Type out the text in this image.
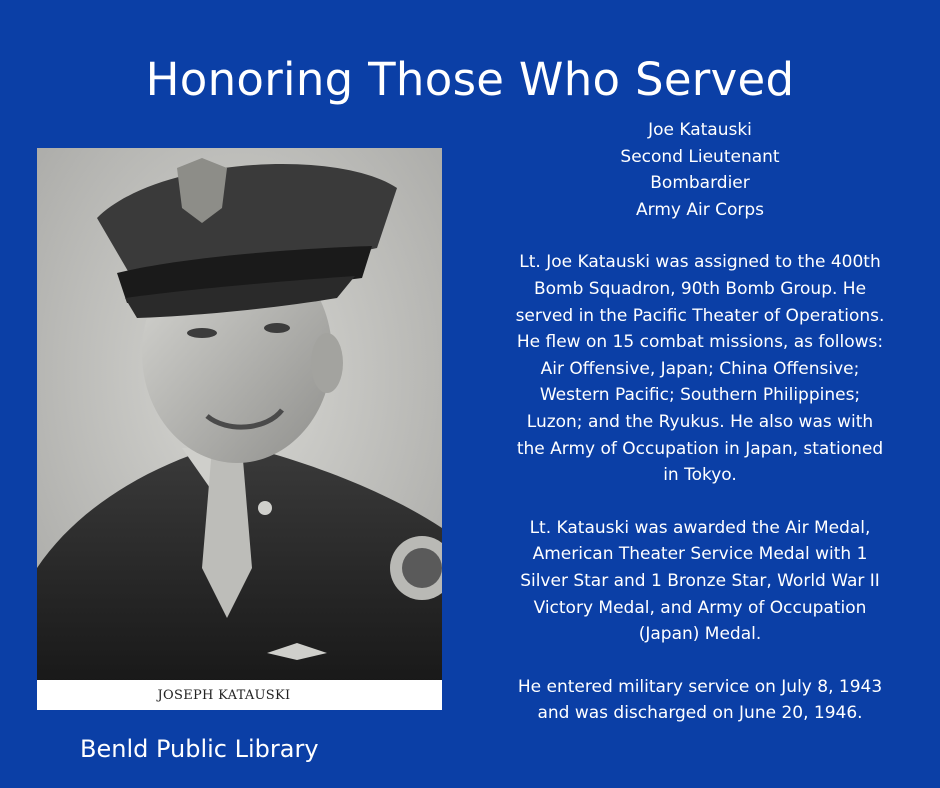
Honoring Those Who Served
JOSEPH KATAUSKI

Joe Katauski

Second Lieutenant

Bombardier

Army Air Corps

Lt. Joe Katauski was assigned to the 400th

Bomb Squadron, 90th Bomb Group. He

served in the Pacific Theater of Operations.

He flew on 15 combat missions, as follows:

Air Offensive, Japan; China Offensive;

Western Pacific; Southern Philippines;

Luzon; and the Ryukus. He also was with

the Army of Occupation in Japan, stationed

in Tokyo.

Lt. Katauski was awarded the Air Medal,

American Theater Service Medal with 1

Silver Star and 1 Bronze Star, World War II

Victory Medal, and Army of Occupation

(Japan) Medal.

He entered military service on July 8, 1943

and was discharged on June 20, 1946.

Benld Public Library
